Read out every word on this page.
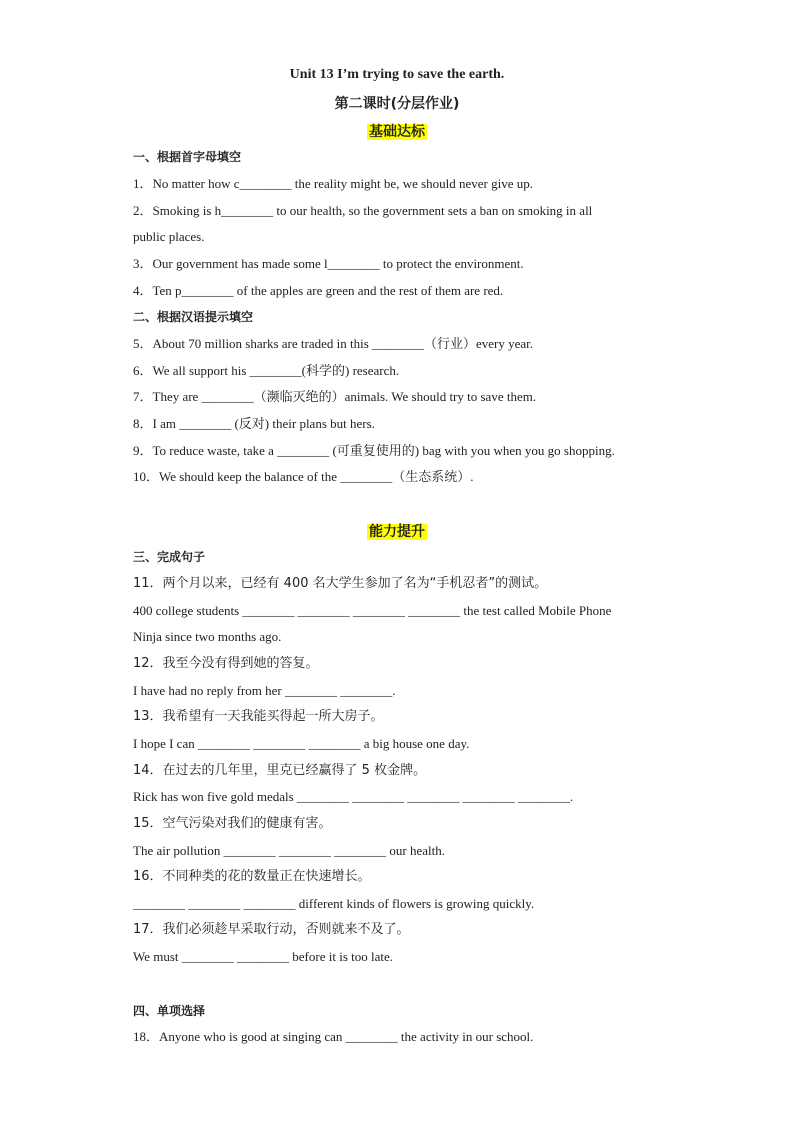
Unit 13 I’m trying to save the earth.
第二课时(分层作业)
基础达标
一、根据首字母填空
1．No matter how c________ the reality might be, we should never give up.
2．Smoking is h________ to our health, so the government sets a ban on smoking in all
public places.
3．Our government has made some l________ to protect the environment.
4．Ten p________ of the apples are green and the rest of them are red.
二、根据汉语提示填空
5．About 70 million sharks are traded in this ________（行业）every year.
6．We all support his ________(科学的) research.
7．They are ________（濒临灭绝的）animals. We should try to save them.
8．I am ________ (反对) their plans but hers.
9．To reduce waste, take a ________ (可重复使用的) bag with you when you go shopping.
10．We should keep the balance of the ________（生态系统）.
能力提升
三、完成句子
11．两个月以来，已经有 400 名大学生参加了名为“手机忍者”的测试。
400 college students ________ ________ ________ ________ the test called Mobile Phone
Ninja since two months ago.
12．我至今没有得到她的答复。
I have had no reply from her ________ ________.
13．我希望有一天我能买得起一所大房子。
I hope I can ________ ________ ________ a big house one day.
14．在过去的几年里，里克已经赢得了 5 枚金牌。
Rick has won five gold medals ________ ________ ________ ________ ________.
15．空气污染对我们的健康有害。
The air pollution ________ ________ ________ our health.
16．不同种类的花的数量正在快速增长。
________ ________ ________ different kinds of flowers is growing quickly.
17．我们必须趁早采取行动，否则就来不及了。
We must ________ ________ before it is too late.
四、单项选择
18．Anyone who is good at singing can ________ the activity in our school.
